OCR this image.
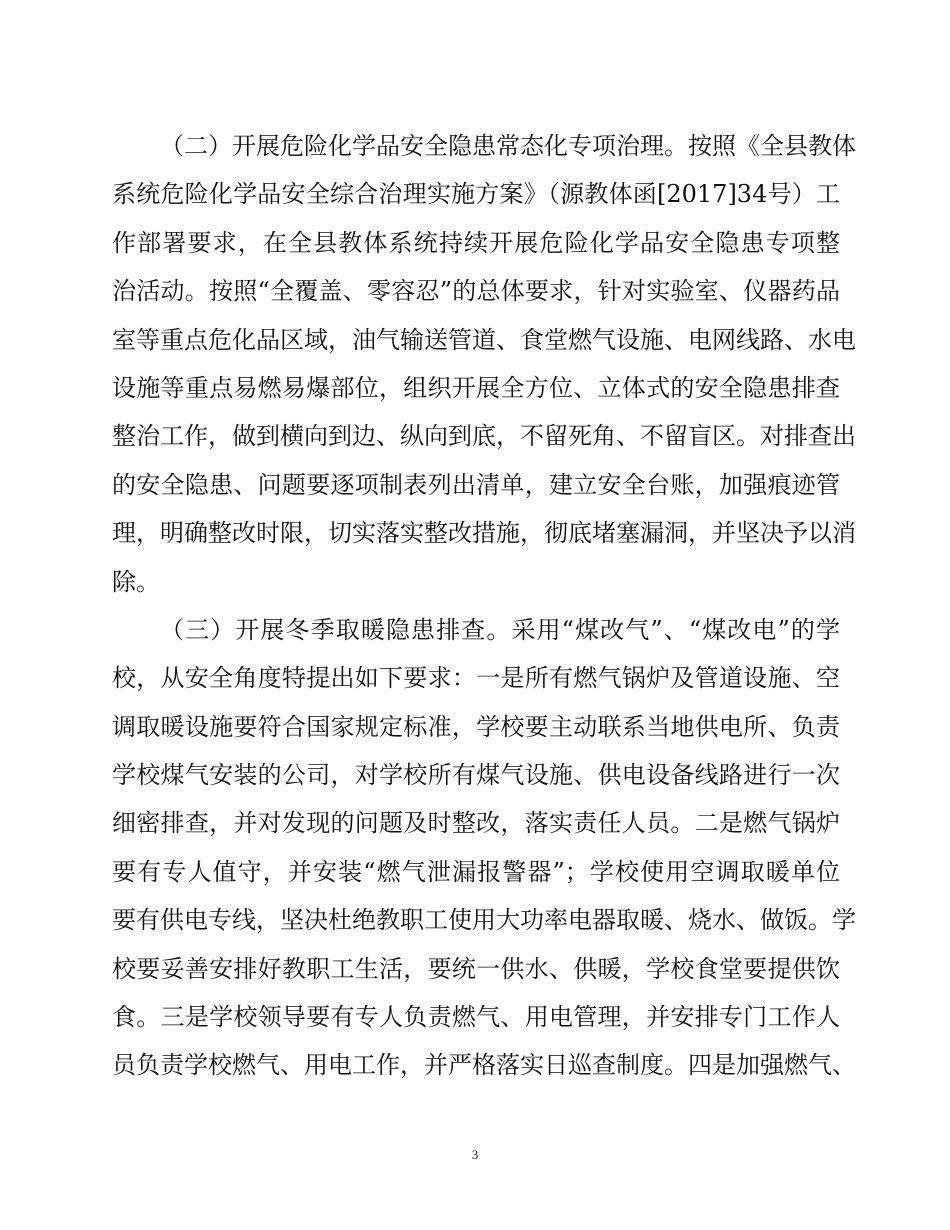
（二）开展危险化学品安全隐患常态化专项治理。按照《全县教体
系统危险化学品安全综合治理实施方案》（源教体函[2017]34号）工
作部署要求，在全县教体系统持续开展危险化学品安全隐患专项整
治活动。按照“全覆盖、零容忍”的总体要求，针对实验室、仪器药品
室等重点危化品区域，油气输送管道、食堂燃气设施、电网线路、水电
设施等重点易燃易爆部位，组织开展全方位、立体式的安全隐患排查
整治工作，做到横向到边、纵向到底，不留死角、不留盲区。对排查出
的安全隐患、问题要逐项制表列出清单，建立安全台账，加强痕迹管
理，明确整改时限，切实落实整改措施，彻底堵塞漏洞，并坚决予以消
除。
（三）开展冬季取暖隐患排查。采用“煤改气”、“煤改电”的学
校，从安全角度特提出如下要求：一是所有燃气锅炉及管道设施、空
调取暖设施要符合国家规定标准，学校要主动联系当地供电所、负责
学校煤气安装的公司，对学校所有煤气设施、供电设备线路进行一次
细密排查，并对发现的问题及时整改，落实责任人员。二是燃气锅炉
要有专人值守，并安装“燃气泄漏报警器”；学校使用空调取暖单位
要有供电专线，坚决杜绝教职工使用大功率电器取暖、烧水、做饭。学
校要妥善安排好教职工生活，要统一供水、供暖，学校食堂要提供饮
食。三是学校领导要有专人负责燃气、用电管理，并安排专门工作人
员负责学校燃气、用电工作，并严格落实日巡查制度。四是加强燃气、
3
